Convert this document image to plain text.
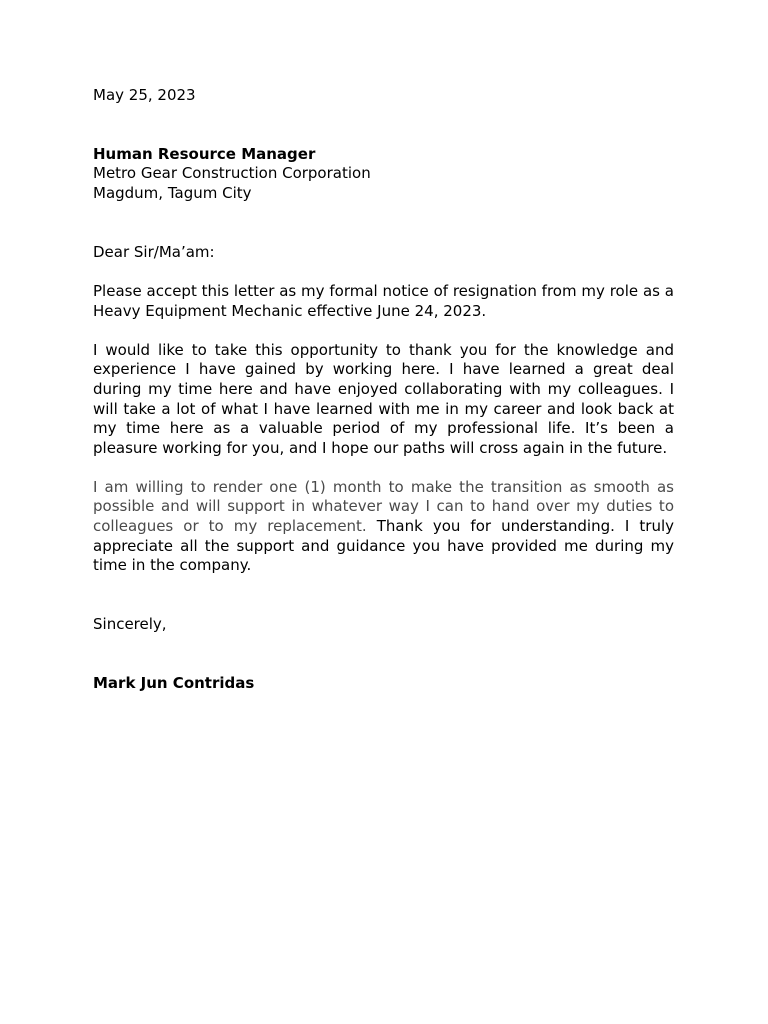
May 25, 2023
Human Resource Manager
Metro Gear Construction Corporation
Magdum, Tagum City
Dear Sir/Ma’am:
Please accept this letter as my formal notice of resignation from my role as a Heavy Equipment Mechanic effective June 24, 2023.
I would like to take this opportunity to thank you for the knowledge and experience I have gained by working here. I have learned a great deal during my time here and have enjoyed collaborating with my colleagues. I will take a lot of what I have learned with me in my career and look back at my time here as a valuable period of my professional life. It’s been a pleasure working for you, and I hope our paths will cross again in the future.
I am willing to render one (1) month to make the transition as smooth as possible and will support in whatever way I can to hand over my duties to colleagues or to my replacement. Thank you for understanding. I truly appreciate all the support and guidance you have provided me during my time in the company.
Sincerely,
Mark Jun Contridas
